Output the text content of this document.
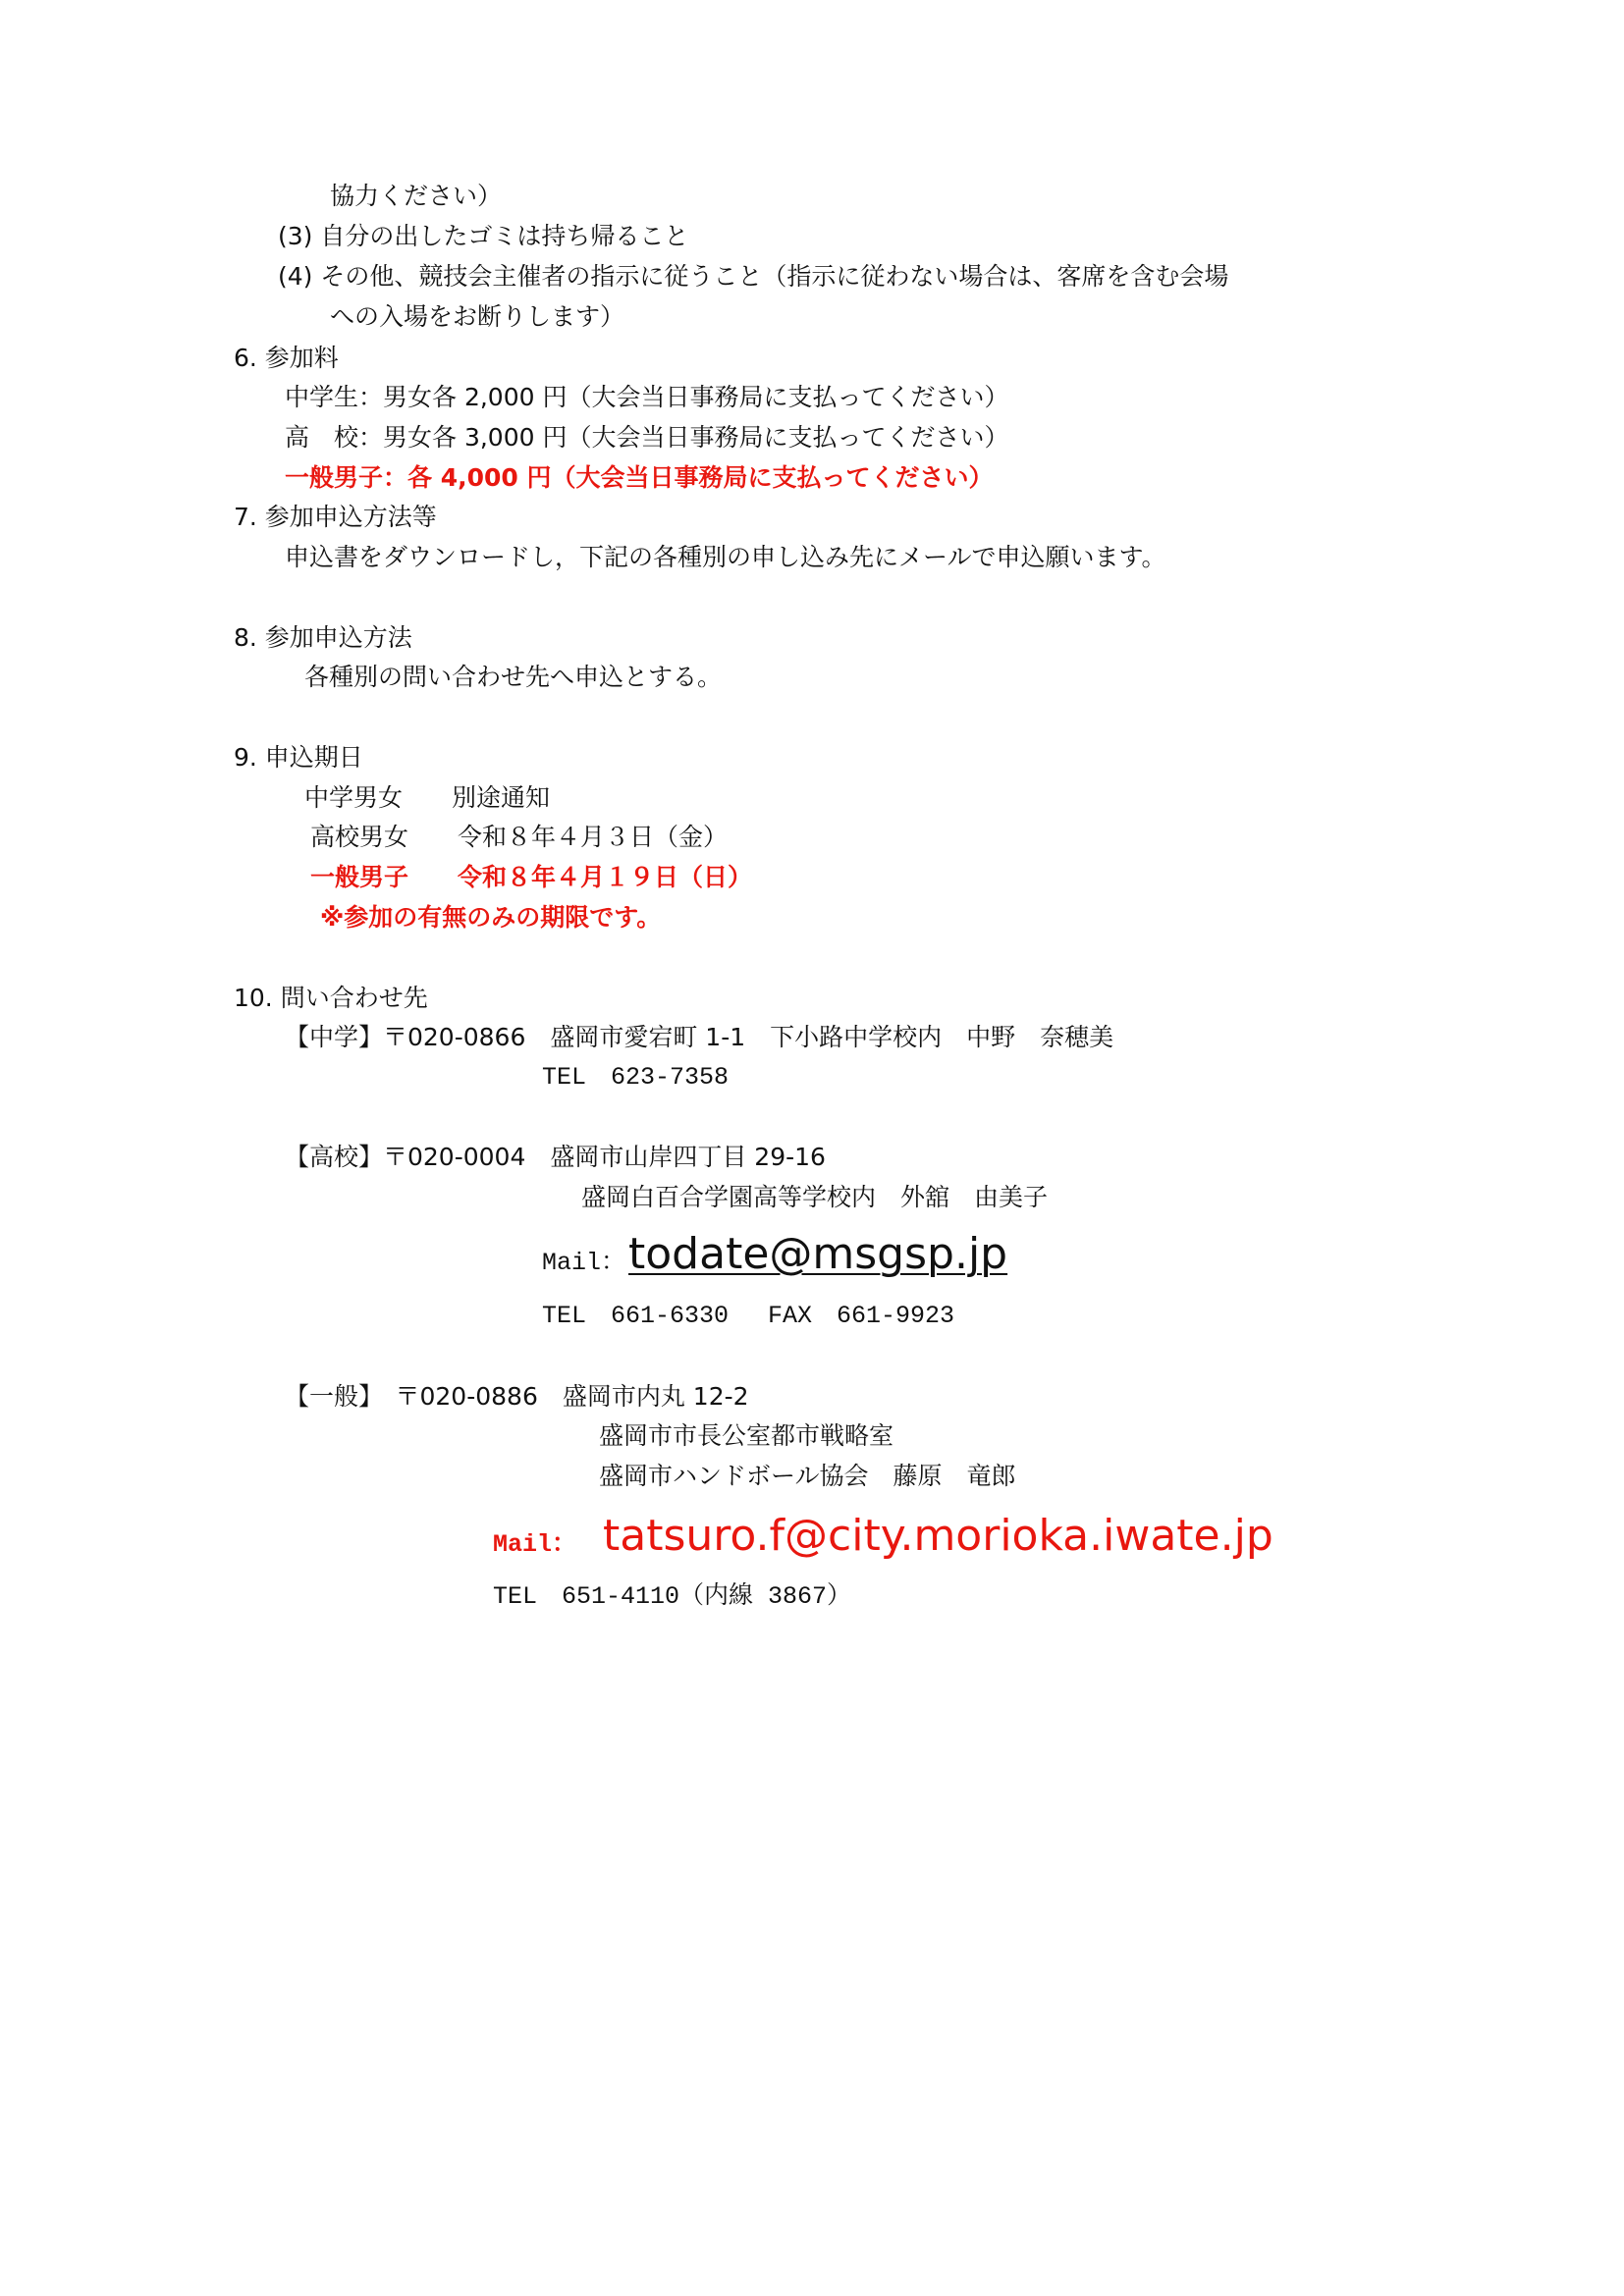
協力ください）
(3) 自分の出したゴミは持ち帰ること
(4) その他、競技会主催者の指示に従うこと（指示に従わない場合は、客席を含む会場
への入場をお断りします）
6. 参加料
中学生：男女各 2,000 円（大会当日事務局に支払ってください）
高　校：男女各 3,000 円（大会当日事務局に支払ってください）
一般男子：各 4,000 円（大会当日事務局に支払ってください）
7. 参加申込方法等
申込書をダウンロードし，下記の各種別の申し込み先にメールで申込願います。
8. 参加申込方法
各種別の問い合わせ先へ申込とする。
9. 申込期日
中学男女　　別途通知
高校男女　　令和８年４月３日（金）
一般男子　　令和８年４月１９日（日）
※参加の有無のみの期限です。
10. 問い合わせ先
【中学】〒020-0866　盛岡市愛宕町 1-1　下小路中学校内　中野　奈穂美
TEL　623-7358
【高校】〒020-0004　盛岡市山岸四丁目 29-16
盛岡白百合学園高等学校内　外舘　由美子
Mail： todate@msgsp.jp
TEL　661-6330　 FAX　661-9923
【一般】　〒020-0886　盛岡市内丸 12-2
盛岡市市長公室都市戦略室
盛岡市ハンドボール協会　藤原　竜郎
Mail： tatsuro.f@city.morioka.iwate.jp
TEL　651-4110（内線 3867）
